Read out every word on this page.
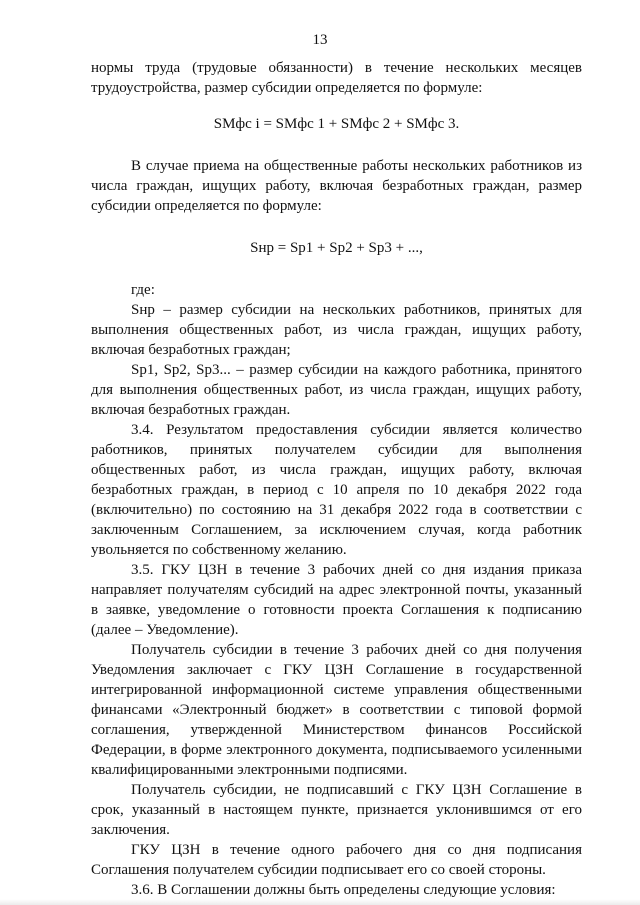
13

нормы труда (трудовые обязанности) в течение нескольких месяцев трудоустройства, размер субсидии определяется по формуле:

SMфс i = SMфс 1 + SMфс 2 + SMфс 3.

В случае приема на общественные работы нескольких работников из числа граждан, ищущих работу, включая безработных граждан, размер субсидии определяется по формуле:

Sнр = Sp1 + Sp2 + Sp3 + ...,

где:

Sнр – размер субсидии на нескольких работников, принятых для выполнения общественных работ, из числа граждан, ищущих работу, включая безработных граждан;

Sp1, Sp2, Sp3... – размер субсидии на каждого работника, принятого для выполнения общественных работ, из числа граждан, ищущих работу, включая безработных граждан.

3.4. Результатом предоставления субсидии является количество работников, принятых получателем субсидии для выполнения общественных работ, из числа граждан, ищущих работу, включая безработных граждан, в период с 10 апреля по 10 декабря 2022 года (включительно) по состоянию на 31 декабря 2022 года в соответствии с заключенным Соглашением, за исключением случая, когда работник увольняется по собственному желанию.

3.5. ГКУ ЦЗН в течение 3 рабочих дней со дня издания приказа направляет получателям субсидий на адрес электронной почты, указанный в заявке, уведомление о готовности проекта Соглашения к подписанию (далее – Уведомление).

Получатель субсидии в течение 3 рабочих дней со дня получения Уведомления заключает с ГКУ ЦЗН Соглашение в государственной интегрированной информационной системе управления общественными финансами «Электронный бюджет» в соответствии с типовой формой соглашения, утвержденной Министерством финансов Российской Федерации, в форме электронного документа, подписываемого усиленными квалифицированными электронными подписями.

Получатель субсидии, не подписавший с ГКУ ЦЗН Соглашение в срок, указанный в настоящем пункте, признается уклонившимся от его заключения.

ГКУ ЦЗН в течение одного рабочего дня со дня подписания Соглашения получателем субсидии подписывает его со своей стороны.

3.6. В Соглашении должны быть определены следующие условия:
